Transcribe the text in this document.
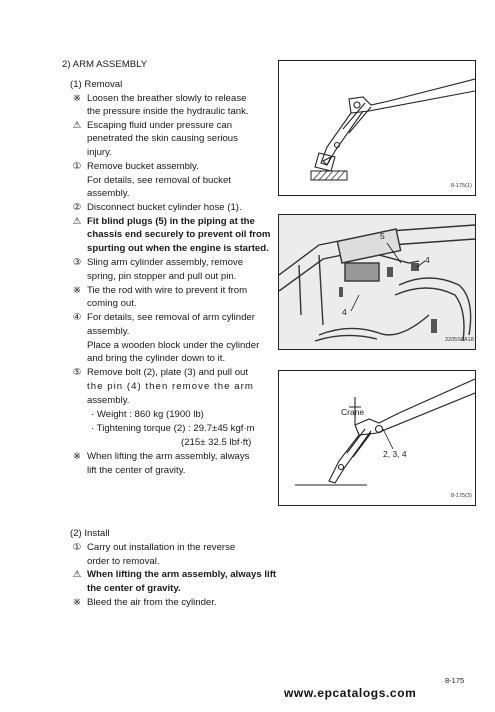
2) ARM ASSEMBLY
(1) Removal
※ Loosen the breather slowly to release
the pressure inside the hydraulic tank.
⚠ Escaping fluid under pressure can
penetrated the skin causing serious
injury.
① Remove bucket assembly.
For details, see removal of bucket
assembly.
② Disconnect bucket cylinder hose (1).
⚠ Fit blind plugs (5) in the piping at the
chassis end securely to prevent oil from
spurting out when the engine is started.
③ Sling arm cylinder assembly, remove
spring, pin stopper and pull out pin.
※ Tie the rod with wire to prevent it from
coming out.
④ For details, see removal of arm cylinder
assembly.
Place a wooden block under the cylinder
and bring the cylinder down to it.
⑤ Remove bolt (2), plate (3) and pull out
the pin (4) then remove the arm
assembly.
· Weight : 860 kg (1900 lb)
· Tightening torque (2) : 29.7±45 kgf·m
(215± 32.5 lbf·ft)
※ When lifting the arm assembly, always
lift the center of gravity.
(2) Install
① Carry out installation in the reverse
order to removal.
⚠ When lifting the arm assembly, always lift
the center of gravity.
※ Bleed the air from the cylinder.
8-175(1)
5
4
4
2205S8A18
Crane
2, 3, 4
8-175(3)
8-175
www.epcatalogs.com
